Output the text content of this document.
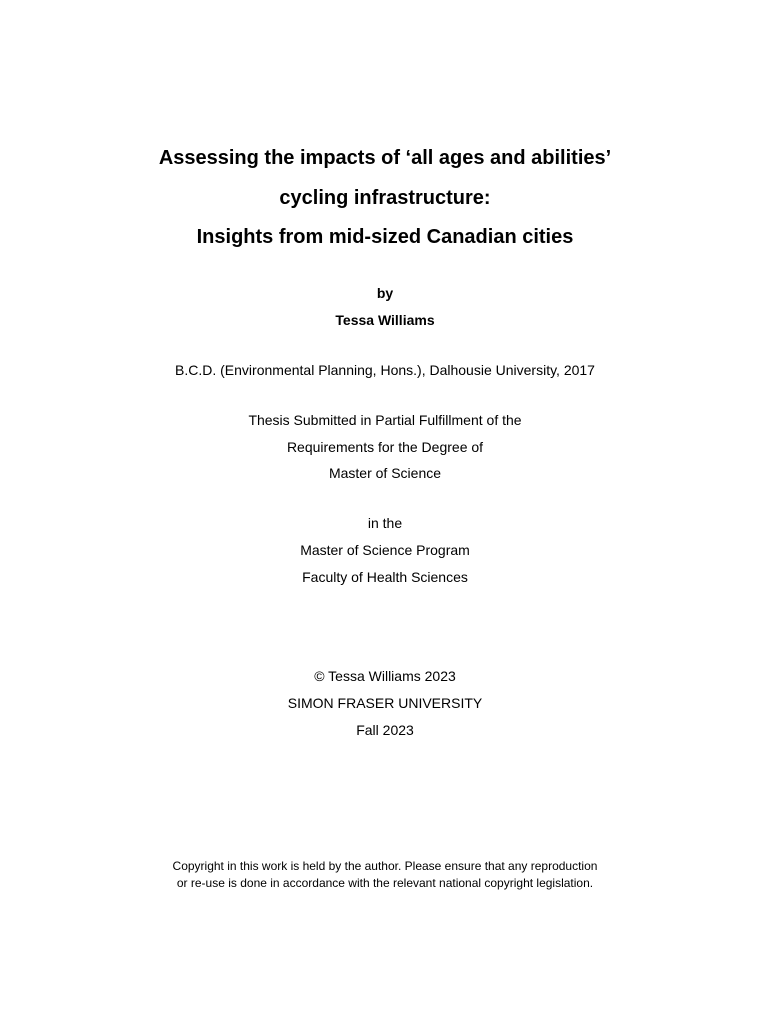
Assessing the impacts of ‘all ages and abilities’
cycling infrastructure:
Insights from mid-sized Canadian cities
by
Tessa Williams
B.C.D. (Environmental Planning, Hons.), Dalhousie University, 2017
Thesis Submitted in Partial Fulfillment of the
Requirements for the Degree of
Master of Science
in the
Master of Science Program
Faculty of Health Sciences
© Tessa Williams 2023
SIMON FRASER UNIVERSITY
Fall 2023
Copyright in this work is held by the author. Please ensure that any reproduction
or re-use is done in accordance with the relevant national copyright legislation.
